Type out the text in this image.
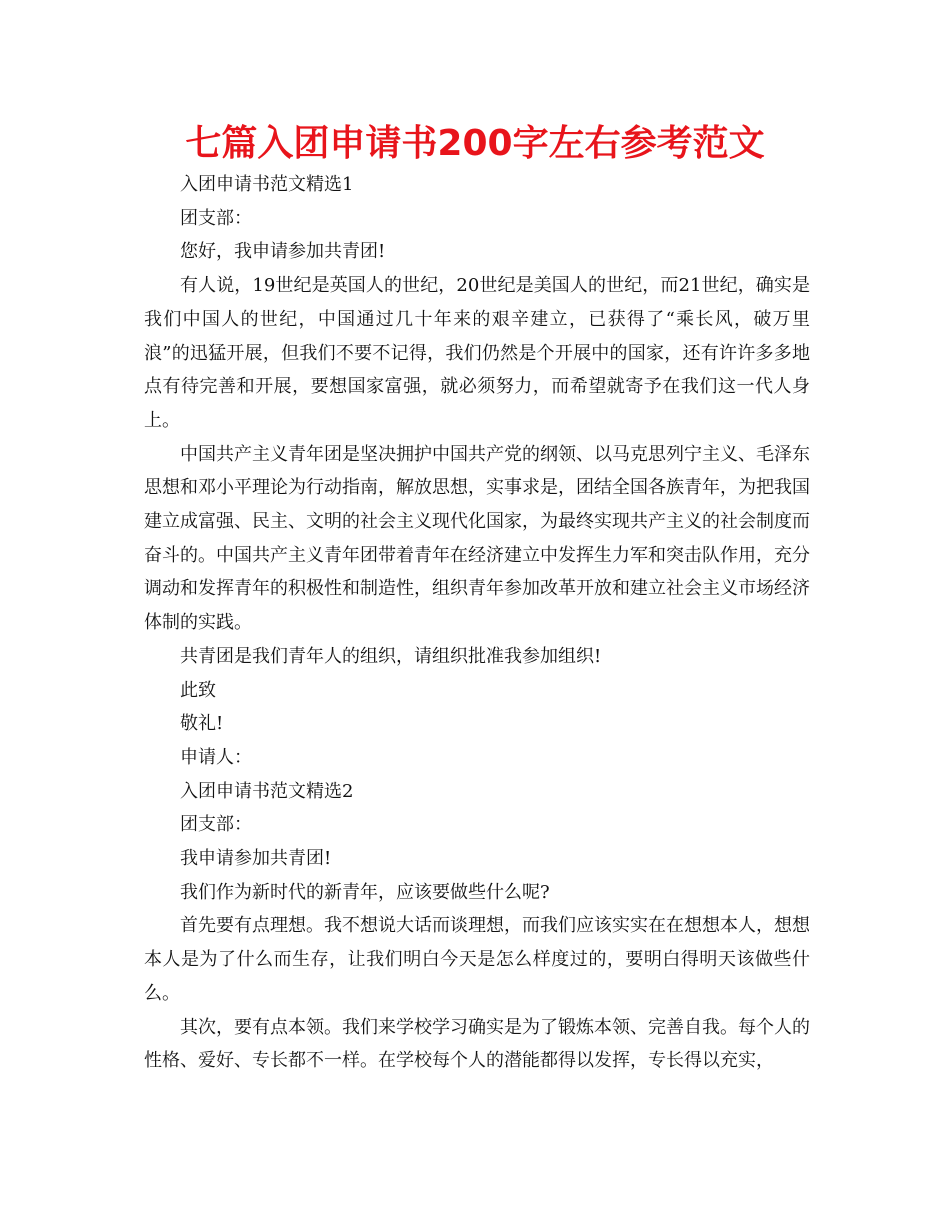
七篇入团申请书200字左右参考范文

入团申请书范文精选1

团支部：

您好，我申请参加共青团!

有人说，19世纪是英国人的世纪，20世纪是美国人的世纪，而21世纪，确实是我们中国人的世纪，中国通过几十年来的艰辛建立，已获得了“乘长风，破万里浪”的迅猛开展，但我们不要不记得，我们仍然是个开展中的国家，还有许许多多地点有待完善和开展，要想国家富强，就必须努力，而希望就寄予在我们这一代人身上。

中国共产主义青年团是坚决拥护中国共产党的纲领、以马克思列宁主义、毛泽东思想和邓小平理论为行动指南，解放思想，实事求是，团结全国各族青年，为把我国建立成富强、民主、文明的社会主义现代化国家，为最终实现共产主义的社会制度而奋斗的。中国共产主义青年团带着青年在经济建立中发挥生力军和突击队作用，充分调动和发挥青年的积极性和制造性，组织青年参加改革开放和建立社会主义市场经济体制的实践。

共青团是我们青年人的组织，请组织批准我参加组织!

此致

敬礼!

申请人：

入团申请书范文精选2

团支部：

我申请参加共青团!

我们作为新时代的新青年，应该要做些什么呢?

首先要有点理想。我不想说大话而谈理想，而我们应该实实在在想想本人，想想本人是为了什么而生存，让我们明白今天是怎么样度过的，要明白得明天该做些什么。

其次，要有点本领。我们来学校学习确实是为了锻炼本领、完善自我。每个人的性格、爱好、专长都不一样。在学校每个人的潜能都得以发挥，专长得以充实，
